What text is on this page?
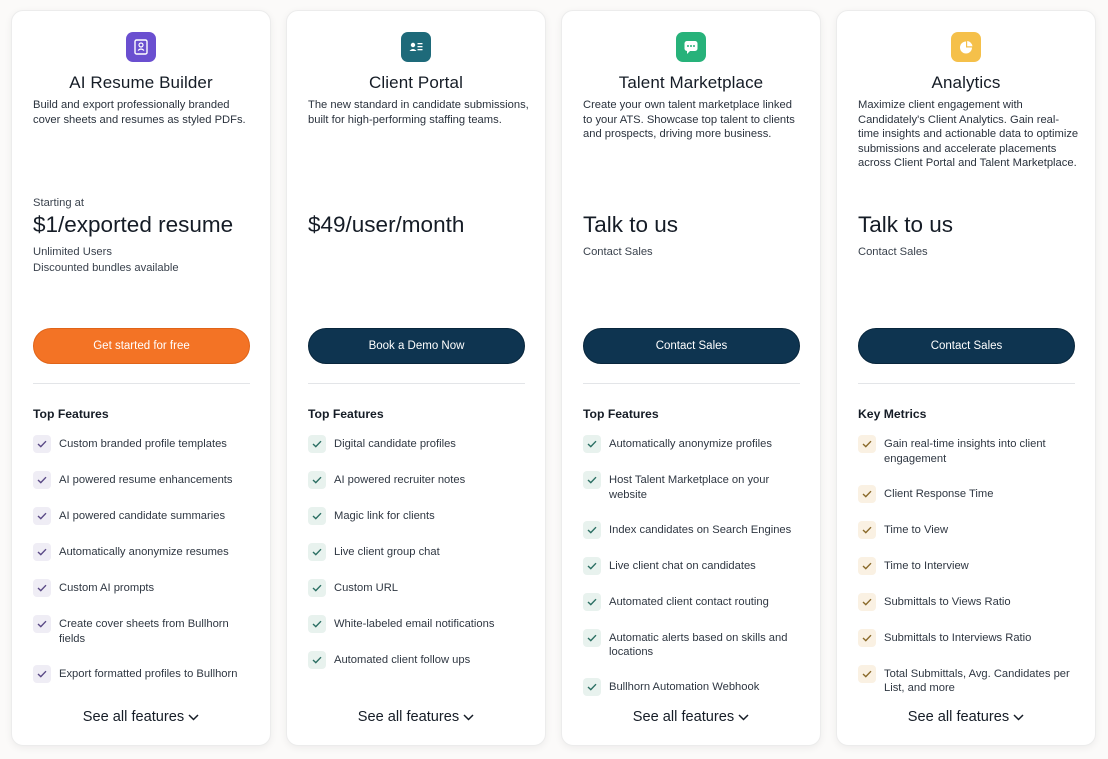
AI Resume Builder
Build and export professionally branded cover sheets and resumes as styled PDFs.
Starting at
$1/exported resume
Unlimited Users
Discounted bundles available
Get started for free
Top Features
Custom branded profile templates
AI powered resume enhancements
AI powered candidate summaries
Automatically anonymize resumes
Custom AI prompts
Create cover sheets from Bullhorn fields
Export formatted profiles to Bullhorn
See all features
Client Portal
The new standard in candidate submissions, built for high-performing staffing teams.
$49/user/month
Book a Demo Now
Top Features
Digital candidate profiles
AI powered recruiter notes
Magic link for clients
Live client group chat
Custom URL
White-labeled email notifications
Automated client follow ups
See all features
Talent Marketplace
Create your own talent marketplace linked to your ATS. Showcase top talent to clients and prospects, driving more business.
Talk to us
Contact Sales
Contact Sales
Top Features
Automatically anonymize profiles
Host Talent Marketplace on your website
Index candidates on Search Engines
Live client chat on candidates
Automated client contact routing
Automatic alerts based on skills and locations
Bullhorn Automation Webhook
See all features
Analytics
Maximize client engagement with Candidately's Client Analytics. Gain real-time insights and actionable data to optimize submissions and accelerate placements across Client Portal and Talent Marketplace.
Talk to us
Contact Sales
Contact Sales
Key Metrics
Gain real-time insights into client engagement
Client Response Time
Time to View
Time to Interview
Submittals to Views Ratio
Submittals to Interviews Ratio
Total Submittals, Avg. Candidates per List, and more
See all features
